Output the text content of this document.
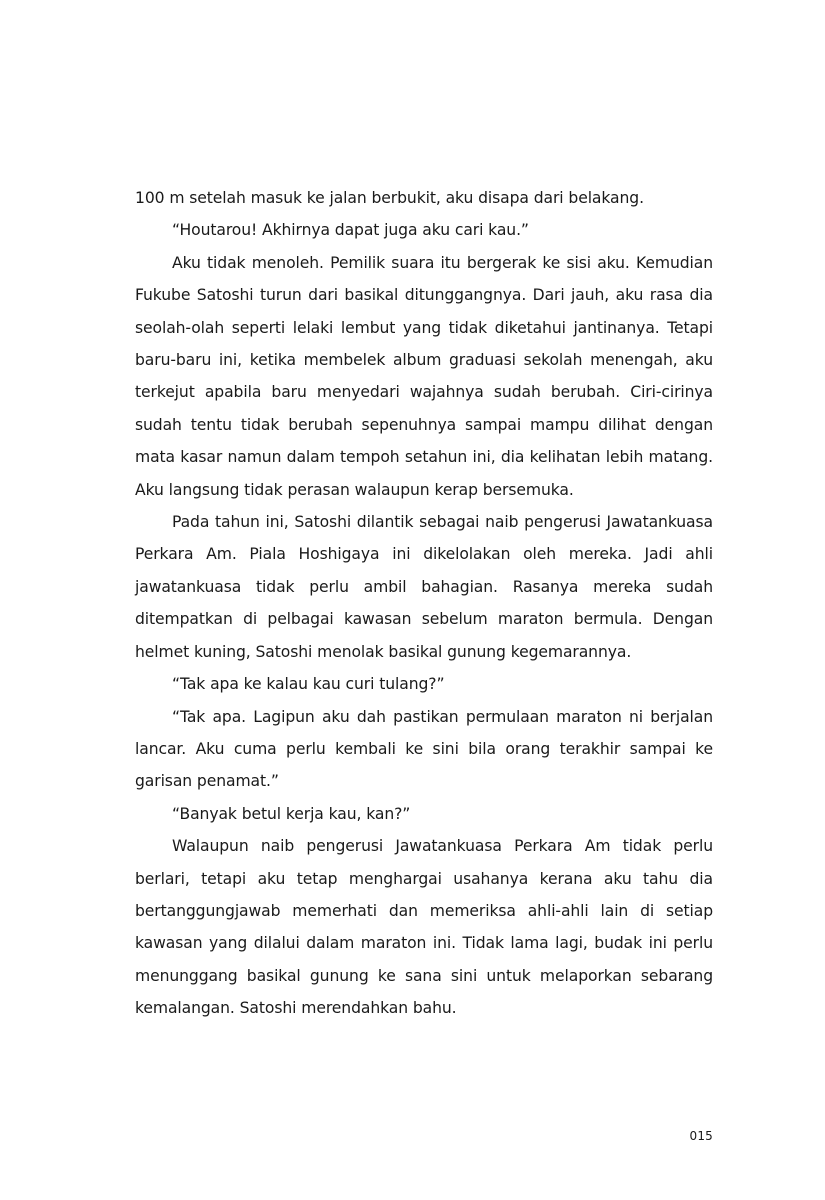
100 m setelah masuk ke jalan berbukit, aku disapa dari belakang.

“Houtarou! Akhirnya dapat juga aku cari kau.”

Aku tidak menoleh. Pemilik suara itu bergerak ke sisi aku. Kemudian Fukube Satoshi turun dari basikal ditunggangnya. Dari jauh, aku rasa dia seolah-olah seperti lelaki lembut yang tidak diketahui jantinanya. Tetapi baru-baru ini, ketika membelek album graduasi sekolah menengah, aku terkejut apabila baru menyedari wajahnya sudah berubah. Ciri-cirinya sudah tentu tidak berubah sepenuhnya sampai mampu dilihat dengan mata kasar namun dalam tempoh setahun ini, dia kelihatan lebih matang. Aku langsung tidak perasan walaupun kerap bersemuka.

Pada tahun ini, Satoshi dilantik sebagai naib pengerusi Jawatankuasa Perkara Am. Piala Hoshigaya ini dikelolakan oleh mereka. Jadi ahli jawatankuasa tidak perlu ambil bahagian. Rasanya mereka sudah ditempatkan di pelbagai kawasan sebelum maraton bermula. Dengan helmet kuning, Satoshi menolak basikal gunung kegemarannya.

“Tak apa ke kalau kau curi tulang?”

“Tak apa. Lagipun aku dah pastikan permulaan maraton ni berjalan lancar. Aku cuma perlu kembali ke sini bila orang terakhir sampai ke garisan penamat.”

“Banyak betul kerja kau, kan?”

Walaupun naib pengerusi Jawatankuasa Perkara Am tidak perlu berlari, tetapi aku tetap menghargai usahanya kerana aku tahu dia bertanggungjawab memerhati dan memeriksa ahli-ahli lain di setiap kawasan yang dilalui dalam maraton ini. Tidak lama lagi, budak ini perlu menunggang basikal gunung ke sana sini untuk melaporkan sebarang kemalangan. Satoshi merendahkan bahu.

015
